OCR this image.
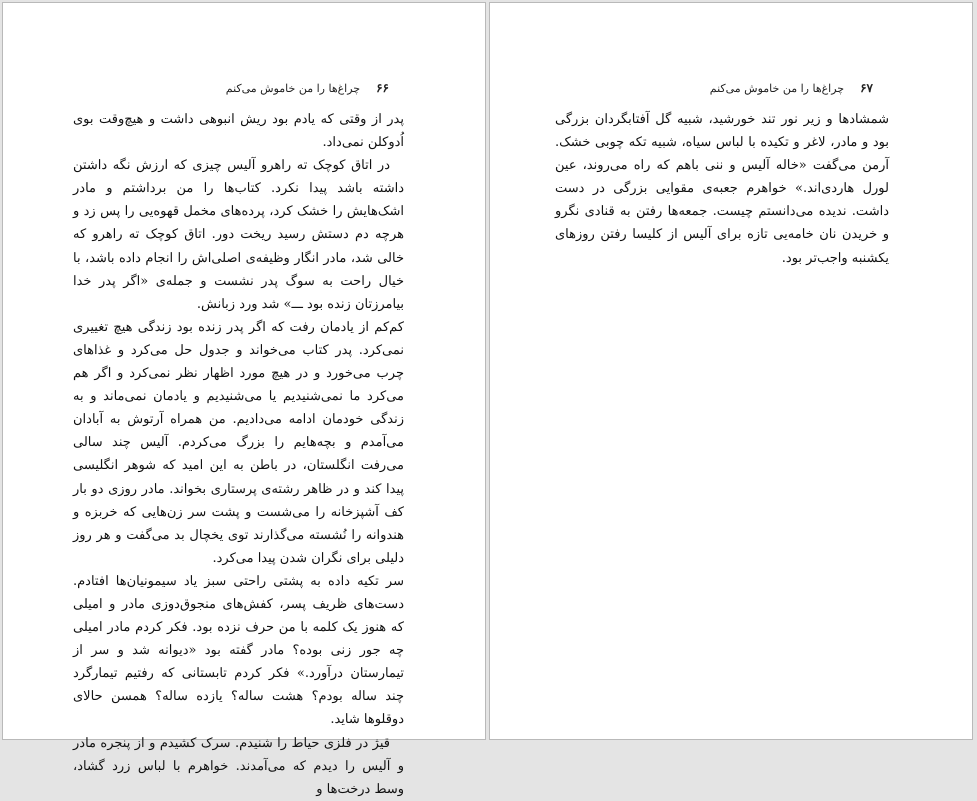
۶۶
چراغ‌ها را من خاموش می‌کنم

پدر از وقتی که یادم بود ریش انبوهی داشت و هیچ‌وقت بوی اُدوکلن نمی‌داد.

در اتاق کوچک ته راهرو آلیس چیزی که ارزش نگه داشتن داشته باشد پیدا نکرد. کتاب‌ها را من برداشتم و مادر اشک‌هایش را خشک کرد، پرده‌های مخمل قهوه‌یی را پس زد و هرچه دم دستش رسید ریخت دور. اتاق کوچک ته راهرو که خالی شد، مادر انگار وظیفه‌ی اصلی‌اش را انجام داده باشد، با خیال راحت به سوگ پدر نشست و جمله‌ی «اگر پدر خدا بیامرزتان زنده بود ـــ» شد ورد زبانش.

کم‌کم از یادمان رفت که اگر پدر زنده بود زندگی هیچ تغییری نمی‌کرد. پدر کتاب می‌خواند و جدول حل می‌کرد و غذاهای چرب می‌خورد و در هیچ مورد اظهار نظر نمی‌کرد و اگر هم می‌کرد ما نمی‌شنیدیم یا می‌شنیدیم و یادمان نمی‌ماند و به زندگی خودمان ادامه می‌دادیم. من همراه آرتوش به آبادان می‌آمدم و بچه‌هایم را بزرگ می‌کردم. آلیس چند سالی می‌رفت انگلستان، در باطن به این امید که شوهر انگلیسی پیدا کند و در ظاهر رشته‌ی پرستاری بخواند. مادر روزی دو بار کف آشپزخانه را می‌شست و پشت سر زن‌هایی که خربزه و هندوانه را نُشسته می‌گذارند توی یخچال بد می‌گفت و هر روز دلیلی برای نگران شدن پیدا می‌کرد.

سر تکیه داده به پشتی راحتی سبز یاد سیمونیان‌ها افتادم. دست‌های ظریف پسر، کفش‌های منجوق‌دوزی مادر و امیلی که هنوز یک کلمه با من حرف نزده بود. فکر کردم مادر امیلی چه جور زنی بوده؟ مادر گفته بود «دیوانه شد و سر از تیمارستان درآورد.» فکر کردم تابستانی که رفتیم تیمارگرد چند ساله بودم؟ هشت ساله؟ یازده ساله؟ همسن حالای دوقلوها شاید.

قیژ در فلزی حیاط را شنیدم. سرک کشیدم و از پنجره مادر و آلیس را دیدم که می‌آمدند. خواهرم با لباس زرد گشاد، وسط درخت‌ها و

۶۷
چراغ‌ها را من خاموش می‌کنم

شمشادها و زیر نور تند خورشید، شبیه گل آفتابگردان بزرگی بود و مادر، لاغر و تکیده با لباس سیاه، شبیه تکه چوبی خشک. آرمن می‌گفت «خاله آلیس و ننی باهم که راه می‌روند، عین لورل هاردی‌اند.» خواهرم جعبه‌ی مقوایی بزرگی در دست داشت. ندیده می‌دانستم چیست. جمعه‌ها رفتن به قنادی نگرو و خریدن نان خامه‌یی تازه برای آلیس از کلیسا رفتن روزهای یکشنبه واجب‌تر بود.
